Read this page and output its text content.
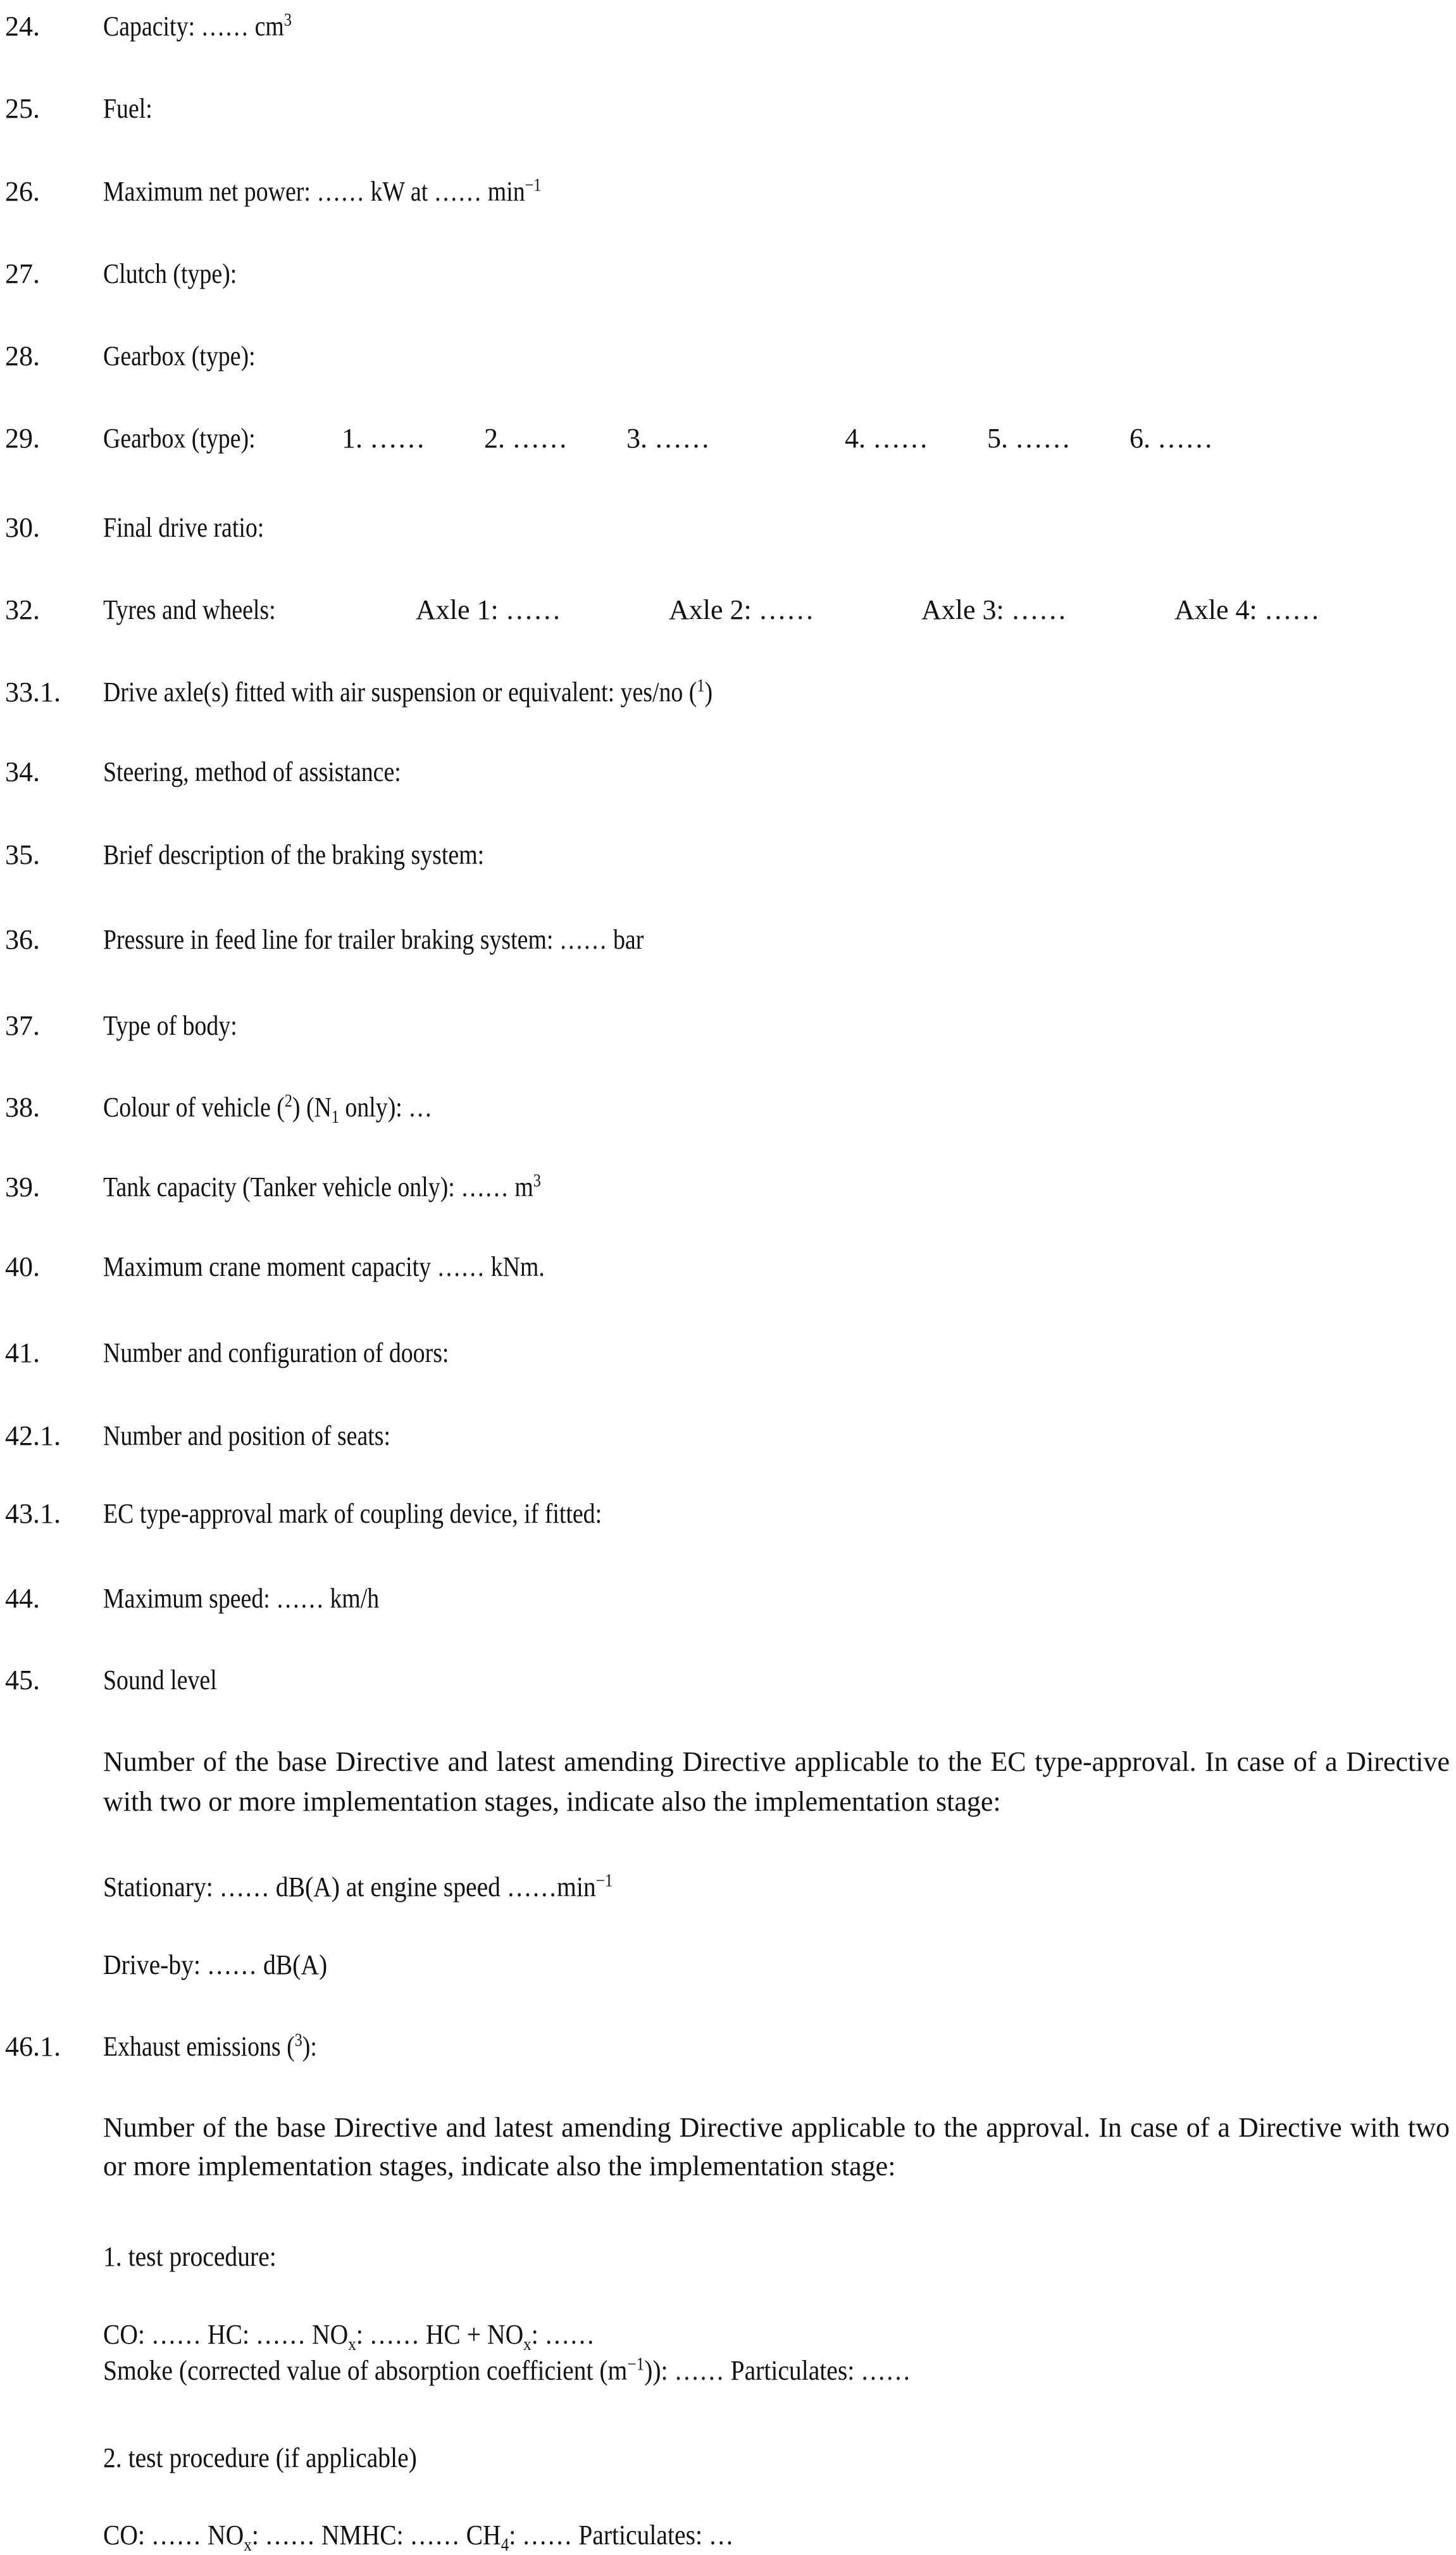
24. Capacity: …… $cm^3$
25. Fuel:
26. Maximum net power: …… kW at …… $\min^{-1}$
27. Clutch (type):
28. Gearbox (type):
29. Gearbox (type):	1. …… 2. …… 3. ……	4. …… 5. …… 6. ……
30. Final drive ratio:
32. Tyres and wheels:	Axle 1: ……	Axle 2: ……	Axle 3: ……	Axle 4: ……
33.1. Drive axle(s) fitted with air suspension or equivalent: yes/no ($^1$)
34. Steering, method of assistance:
35. Brief description of the braking system:
36. Pressure in feed line for trailer braking system: …… bar
37. Type of body:
38. Colour of vehicle ($^2$) ($N_1$ only): …
39. Tank capacity (Tanker vehicle only): …… $m^3$
40. Maximum crane moment capacity …… kNm.
41. Number and configuration of doors:
42.1. Number and position of seats:
43.1. EC type-approval mark of coupling device, if fitted:
44. Maximum speed: …… km/h
45. Sound level
Number of the base Directive and latest amending Directive applicable to the EC type-approval. In case of a Directive with two or more implementation stages, indicate also the implementation stage:
Stationary: …… dB(A) at engine speed $\dots\dots\min^{-1}$
Drive-by: …… dB(A)
46.1. Exhaust emissions ($^3$):
Number of the base Directive and latest amending Directive applicable to the approval. In case of a Directive with two or more implementation stages, indicate also the implementation stage:
1. test procedure:
CO: …… HC: …… $NO_x$: …… HC + $NO_x$: ……
Smoke (corrected value of absorption coefficient $(m^{-1})$): …… Particulates: ……
2. test procedure (if applicable)
CO: …… $NO_x$: …… NMHC: …… $CH_4$: …… Particulates: …
